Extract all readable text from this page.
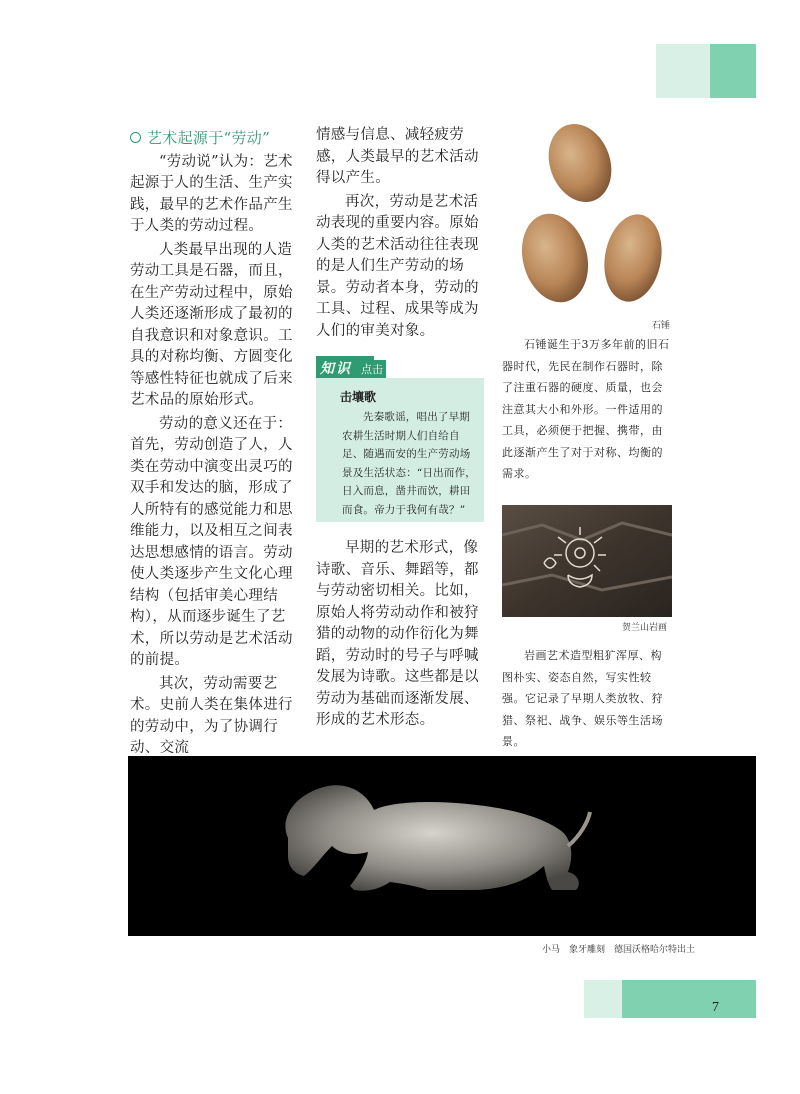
艺术起源于“劳动”

“劳动说”认为：艺术起源于人的生活、生产实践，最早的艺术作品产生于人类的劳动过程。

人类最早出现的人造劳动工具是石器，而且，在生产劳动过程中，原始人类还逐渐形成了最初的自我意识和对象意识。工具的对称均衡、方圆变化等感性特征也就成了后来艺术品的原始形式。

劳动的意义还在于：首先，劳动创造了人，人类在劳动中演变出灵巧的双手和发达的脑，形成了人所特有的感觉能力和思维能力，以及相互之间表达思想感情的语言。劳动使人类逐步产生文化心理结构（包括审美心理结构），从而逐步诞生了艺术，所以劳动是艺术活动的前提。

其次，劳动需要艺术。史前人类在集体进行的劳动中，为了协调行动、交流

情感与信息、减轻疲劳感，人类最早的艺术活动得以产生。

再次，劳动是艺术活动表现的重要内容。原始人类的艺术活动往往表现的是人们生产劳动的场景。劳动者本身，劳动的工具、过程、成果等成为人们的审美对象。

知识 点击
击壤歌
先秦歌谣，唱出了早期农耕生活时期人们自给自足、随遇而安的生产劳动场景及生活状态：“日出而作，日入而息，凿井而饮，耕田而食。帝力于我何有哉？”

早期的艺术形式，像诗歌、音乐、舞蹈等，都与劳动密切相关。比如，原始人将劳动动作和被狩猎的动物的动作衍化为舞蹈，劳动时的号子与呼喊发展为诗歌。这些都是以劳动为基础而逐渐发展、形成的艺术形态。

石锤
石锤诞生于3万多年前的旧石器时代，先民在制作石器时，除了注重石器的硬度、质量，也会注意其大小和外形。一件适用的工具，必须便于把握、携带，由此逐渐产生了对于对称、均衡的需求。
贺兰山岩画
岩画艺术造型粗犷浑厚、构图朴实、姿态自然，写实性较强。它记录了早期人类放牧、狩猎、祭祀、战争、娱乐等生活场景。
小马　象牙雕刻　德国沃格哈尔特出土
7
